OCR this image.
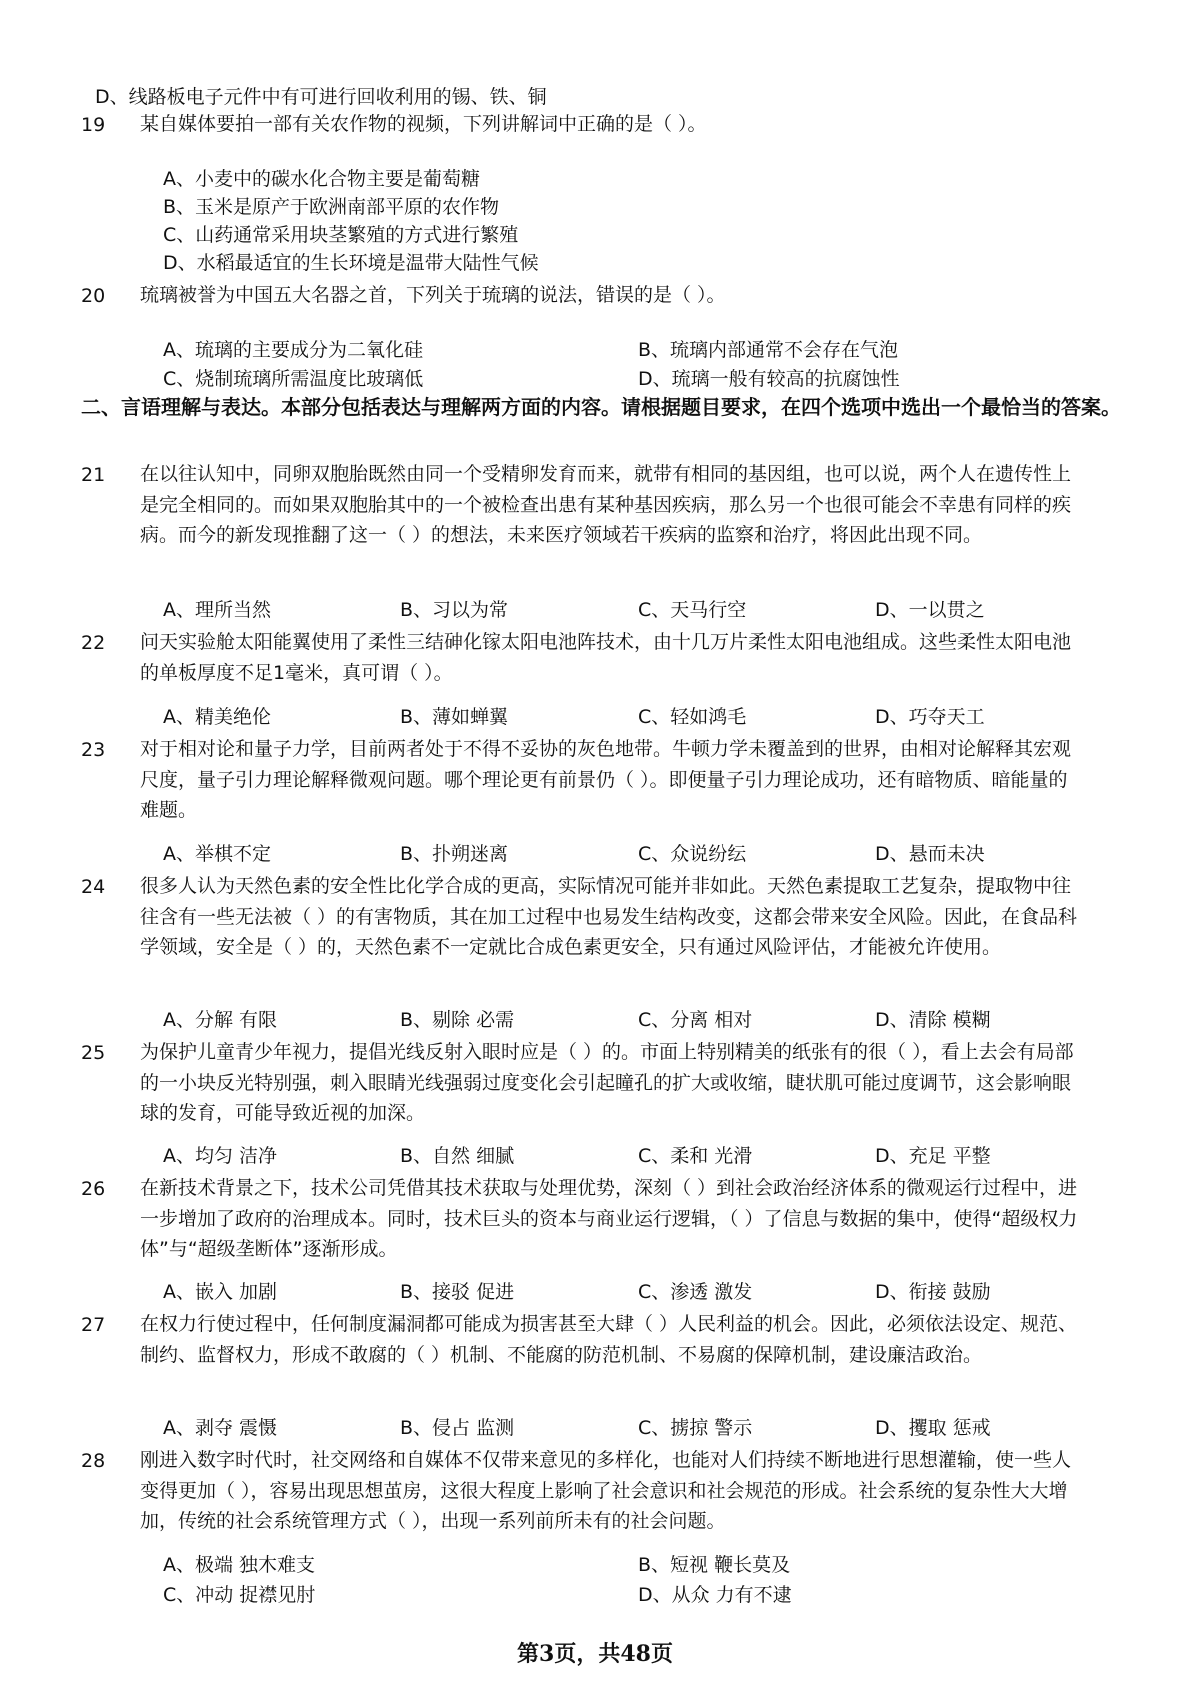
D、线路板电子元件中有可进行回收利用的锡、铁、铜
19 某自媒体要拍一部有关农作物的视频，下列讲解词中正确的是（ ）。
A、小麦中的碳水化合物主要是葡萄糖
B、玉米是原产于欧洲南部平原的农作物
C、山药通常采用块茎繁殖的方式进行繁殖
D、水稻最适宜的生长环境是温带大陆性气候
20 琉璃被誉为中国五大名器之首，下列关于琉璃的说法，错误的是（ ）。
A、琉璃的主要成分为二氧化硅	B、琉璃内部通常不会存在气泡
C、烧制琉璃所需温度比玻璃低	D、琉璃一般有较高的抗腐蚀性
二、言语理解与表达。本部分包括表达与理解两方面的内容。请根据题目要求，在四个选项中选出一个最恰当的答案。
21 在以往认知中，同卵双胞胎既然由同一个受精卵发育而来，就带有相同的基因组，也可以说，两个人在遗传性上是完全相同的。而如果双胞胎其中的一个被检查出患有某种基因疾病，那么另一个也很可能会不幸患有同样的疾病。而今的新发现推翻了这一（ ）的想法，未来医疗领域若干疾病的监察和治疗，将因此出现不同。
A、理所当然	B、习以为常	C、天马行空	D、一以贯之
22 问天实验舱太阳能翼使用了柔性三结砷化镓太阳电池阵技术，由十几万片柔性太阳电池组成。这些柔性太阳电池的单板厚度不足1毫米，真可谓（ ）。
A、精美绝伦	B、薄如蝉翼	C、轻如鸿毛	D、巧夺天工
23 对于相对论和量子力学，目前两者处于不得不妥协的灰色地带。牛顿力学未覆盖到的世界，由相对论解释其宏观尺度，量子引力理论解释微观问题。哪个理论更有前景仍（ ）。即便量子引力理论成功，还有暗物质、暗能量的难题。
A、举棋不定	B、扑朔迷离	C、众说纷纭	D、悬而未决
24 很多人认为天然色素的安全性比化学合成的更高，实际情况可能并非如此。天然色素提取工艺复杂，提取物中往往含有一些无法被（ ）的有害物质，其在加工过程中也易发生结构改变，这都会带来安全风险。因此，在食品科学领域，安全是（ ）的，天然色素不一定就比合成色素更安全，只有通过风险评估，才能被允许使用。
A、分解 有限	B、剔除 必需	C、分离 相对	D、清除 模糊
25 为保护儿童青少年视力，提倡光线反射入眼时应是（ ）的。市面上特别精美的纸张有的很（ ），看上去会有局部的一小块反光特别强，刺入眼睛光线强弱过度变化会引起瞳孔的扩大或收缩，睫状肌可能过度调节，这会影响眼球的发育，可能导致近视的加深。
A、均匀 洁净	B、自然 细腻	C、柔和 光滑	D、充足 平整
26 在新技术背景之下，技术公司凭借其技术获取与处理优势，深刻（ ）到社会政治经济体系的微观运行过程中，进一步增加了政府的治理成本。同时，技术巨头的资本与商业运行逻辑，（ ）了信息与数据的集中，使得“超级权力体”与“超级垄断体”逐渐形成。
A、嵌入 加剧	B、接驳 促进	C、渗透 激发	D、衔接 鼓励
27 在权力行使过程中，任何制度漏洞都可能成为损害甚至大肆（ ）人民利益的机会。因此，必须依法设定、规范、制约、监督权力，形成不敢腐的（ ）机制、不能腐的防范机制、不易腐的保障机制，建设廉洁政治。
A、剥夺 震慑	B、侵占 监测	C、掳掠 警示	D、攫取 惩戒
28 刚进入数字时代时，社交网络和自媒体不仅带来意见的多样化，也能对人们持续不断地进行思想灌输，使一些人变得更加（ ），容易出现思想茧房，这很大程度上影响了社会意识和社会规范的形成。社会系统的复杂性大大增加，传统的社会系统管理方式（ ），出现一系列前所未有的社会问题。
A、极端 独木难支	B、短视 鞭长莫及
C、冲动 捉襟见肘	D、从众 力有不逮
第3页，共48页
